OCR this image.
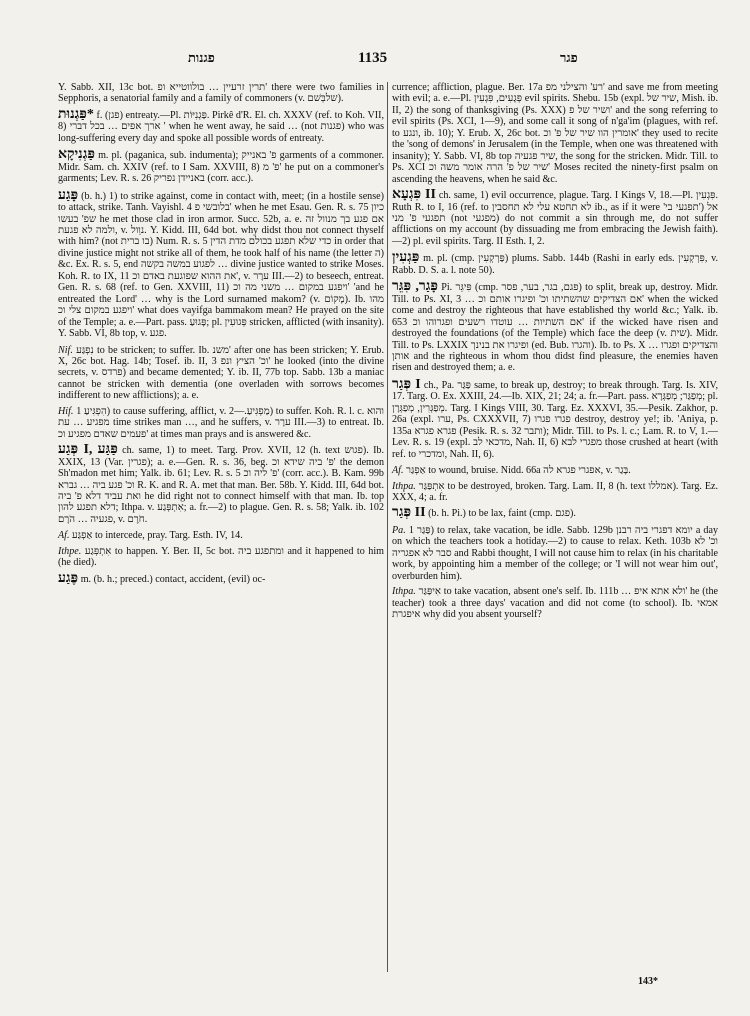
פגנות	1135	פגר
Y. Sabb. XII, 13c bot. תרין זרעיין … בולווטייא ופ' there were two families in Sepphoris, a senatorial family and a family of commoners (v. שלבְּשׁם).
פַּגְנוּת* f. (פגן) entreaty.—Pl. פַּגְנִיּוֹת. Pirkê d'R. El. ch. XXXV (ref. to Koh. VII, 8) ארך אפים … בכל דברי ' when he went away, he said … (not פגנות) who was long-suffering every day and spoke all possible words of entreaty.
פַּגְנִיקָא m. pl. (paganica, sub. indumenta); פ' באנייק garments of a commoner. Midr. Sam. ch. XXIV (ref. to I Sam. XXVIII, 8) פ' מ' he put on a commoner's garments; Lev. R. s. 26 באניידן נפריק (corr. acc.).
פָּגַע (b. h.) 1) to strike against, come in contact with, meet; (in a hostile sense) to attack, strike. Tanh. Vayishl. 4 בלובשי פ' when he met Esau. Gen. R. s. 75 כיון שפ' בעשו he met those clad in iron armor. Succ. 52b, a. e. אם פגע בך מנוול זה ולמה לא פגעת, v. נוֵול. Y. Kidd. III, 64d bot. why didst thou not connect thyself with him? (not בו ברית) Num. R. s. 5 כדי שלא תפגע בכולם מדת הדין in order that divine justice might not strike all of them, he took half of his name (the letter ה) &c. Ex. R. s. 5, end לפגוע במשה בקשה … divine justice wanted to strike Moses. Koh. R. to IX, 11 את ההוא שפוגעת באדם וכ', v. ערָר III.—2) to beseech, entreat. Gen. R. s. 68 (ref. to Gen. XXVIII, 11) ויפגע במקום … משני מה וכ' 'and he entreated the Lord' … why is the Lord surnamed makom? (v. מָקוֹם). Ib. מהו ויפגע במקום צלי וכ' what does vayifga bammakom mean? He prayed on the site of the Temple; a. e.—Part. pass. פָּגוּעַ; pl. פְּגוּעִין stricken, afflicted (with insanity). Y. Sabb. VI, 8b top, v. פגע.
Nif. נִפְגַּע to be stricken; to suffer. Ib. משנ' after one has been stricken; Y. Erub. X, 26c bot. Hag. 14b; Tosef. ib. II, 3 וכ' הציץ ונפ' he looked (into the divine secrets, v. פרדס) and became demented; Y. ib. II, 77b top. Sabb. 13b a maniac cannot be stricken with dementia (one overladen with sorrows becomes indifferent to new afflictions); a. e.
Hif. הִפְגִּיעַ 1) to cause suffering, afflict, v. מַפְגִּיעַ.—2) to suffer. Koh. R. l. c. והוא מפגיע … עת time strikes man …, and he suffers, v. ערָר III.—3) to entreat. Ib. פעמים שאדם מפגיע וכ' at times man prays and is answered &c.
פְּגַע I, פַּגַּע ch. same, 1) to meet. Targ. Prov. XVII, 12 (h. text פגוש). Ib. XXIX, 13 (Var. פגרין); a. e.—Gen. R. s. 36, beg. פ' ביה שידא וכ' the demon Sh'madon met him; Yalk. ib. 61; Lev. R. s. 5 פ' ליה וכ' (corr. acc.). B. Kam. 99b וכ' פגע ביה … גברא R. K. and R. A. met that man. Ber. 58b. Y. Kidd. III, 64d bot. ואת עביד דלא פ' ביה he did right not to connect himself with that man. Ib. top דלא תפגע להון; Ithpa. v. אִתְפְּגַע; a. fr.—2) to plague. Gen. R. s. 58; Yalk. ib. 102 פגעיה … הֹרָם, v. חֹרֶם.
Af. אַפְגַּע to intercede, pray. Targ. Esth. IV, 14.
Ithpe. אִתְפְּגַע to happen. Y. Ber. II, 5c bot. ומתפגע ביה and it happened to him (he died).
פֶּגַע m. (b. h.; preced.) contact, accident, (evil) oc-
currence; affliction, plague. Ber. 17a רע' והצילני מפ' and save me from meeting with evil; a. e.—Pl. פְּגָעִים, פִּגְעִין evil spirits. Shebu. 15b (expl. שיר של, Mish. ib. II, 2) the song of thanksgiving (Ps. XXX) ושיר של פ' and the song referring to evil spirits (Ps. XCI, 1—9), and some call it song of n'ga'im (plagues, with ref. to ונגע, ib. 10); Y. Erub. X, 26c bot. אומרין הוו שיר של פ' וכ' they used to recite the 'song of demons' in Jerusalem (in the Temple, when one was threatened with insanity); Y. Sabb. VI, 8b top שיר פגעיה, the song for the stricken. Midr. Till. to Ps. XCI שיר של פ' הרה אומר משה וכ' Moses recited the ninety-first psalm on ascending the heavens, when he said &c.
פִּגְעָא II ch. same, 1) evil occurrence, plague. Targ. I Kings V, 18.—Pl. פִּגְעִין. Ruth R. to I, 16 (ref. to לא תחטא עלי לא תחסבין ib., as if it were 'תפגעי בי') אל תפגעי פ' מני (not מפגעי) do not commit a sin through me, do not suffer afflictions on my account (by dissuading me from embracing the Jewish faith).—2) pl. evil spirits. Targ. II Esth. I, 2.
פַּגְעִין m. pl. (cmp. פַּרְקְעִין) plums. Sabb. 144b (Rashi in early eds. פִּרְקְעִין, v. Rabb. D. S. a. l. note 50).
פָּגַר, פִּגֵּר Pi. פִּיגֵּר (cmp. פגם, בגר, בער, פסר) to split, break up, destroy. Midr. Till. to Ps. XI, 3 … אם הצדיקים שהשתיתו וכ' ופיגרו אותם וכ' when the wicked come and destroy the righteous that have established thy world &c.; Yalk. ib. 653 אם השתיות … עוטדו רשעים ופגרוהו וכ' if the wicked have risen and destroyed the foundations (of the Temple) which face the deep (v. שית). Midr. Till. to Ps. LXXIX ופיגרו את בנינך (ed. Bub. והגרו). Ib. to Ps. X … והצדיקים ופגרו אותן and the righteous in whom thou didst find pleasure, the enemies haven risen and destroyed them; a. e.
פְּגַר I ch., Pa. פַּגַּר same, to break up, destroy; to break through. Targ. Is. XIV, 17. Targ. O. Ex. XXIII, 24.—Ib. XIX, 21; 24; a. fr.—Part. pass. מְפַגַּר; מְפַגְּרָא; pl. מְפַגְּרִין, מְפַגְּרָן. Targ. I Kings VIII, 30. Targ. Ez. XXXVI, 35.—Pesik. Zakhor, p. 26a (expl. ערו, Ps. CXXXVII, 7) פגרו פגרו destroy, destroy ye!; ib. 'Aniya, p. 135a פגרא פגרא (Pesik. R. s. 32 ותבר); Midr. Till. to Ps. l. c.; Lam. R. to V, 1.—Lev. R. s. 19 (expl. מדכאי לב, Nah. II, 6) מפגרי לבא those crushed at heart (with ref. to ומדכרי, Nah. II, 6).
Af. אַפְגַּר to wound, bruise. Nidd. 66a אפגרי פגרא לה, v. בָּגַר.
Ithpa. אִתְפַּגַּר to be destroyed, broken. Targ. Lam. II, 8 (h. text אמללו). Targ. Ez. XXX, 4; a. fr.
פְּגַר II (b. h. Pi.) to be lax, faint (cmp. פגם).
Pa. פַּגַּר 1) to relax, take vacation, be idle. Sabb. 129b יומא דפגרי ביה רבנן a day on which the teachers took a hotiday.—2) to cause to relax. Keth. 103b וכ' לא סבר לא אפגריה and Rabbi thought, I will not cause him to relax (in his charitable work, by appointing him a member of the college; or 'I will not wear him out', overburden him).
Ithpa. אִיפַּגַּר to take vacation, absent one's self. Ib. 111b … ולא אתא איפ' he (the teacher) took a three days' vacation and did not come (to school). Ib. אמאי איפגרת why did you absent yourself?
143*
